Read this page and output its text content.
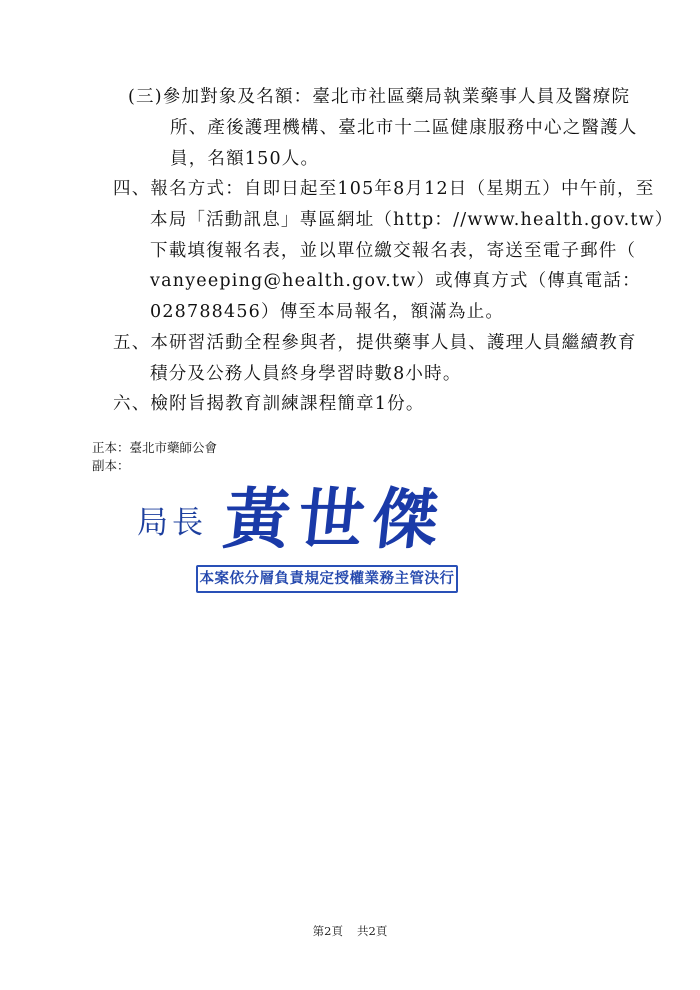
(三)參加對象及名額：臺北市社區藥局執業藥事人員及醫療院
所、產後護理機構、臺北市十二區健康服務中心之醫護人
員，名額150人。
四、報名方式：自即日起至105年8月12日（星期五）中午前，至
本局「活動訊息」專區網址（http：//www.health.gov.tw）
下載填復報名表，並以單位繳交報名表，寄送至電子郵件（
vanyeeping@health.gov.tw）或傳真方式（傳真電話：
028788456）傳至本局報名，額滿為止。
五、本研習活動全程參與者，提供藥事人員、護理人員繼續教育
積分及公務人員終身學習時數8小時。
六、檢附旨揭教育訓練課程簡章1份。
正本：臺北市藥師公會
副本：
局長 黃世傑
本案依分層負責規定授權業務主管決行
第2頁 共2頁
